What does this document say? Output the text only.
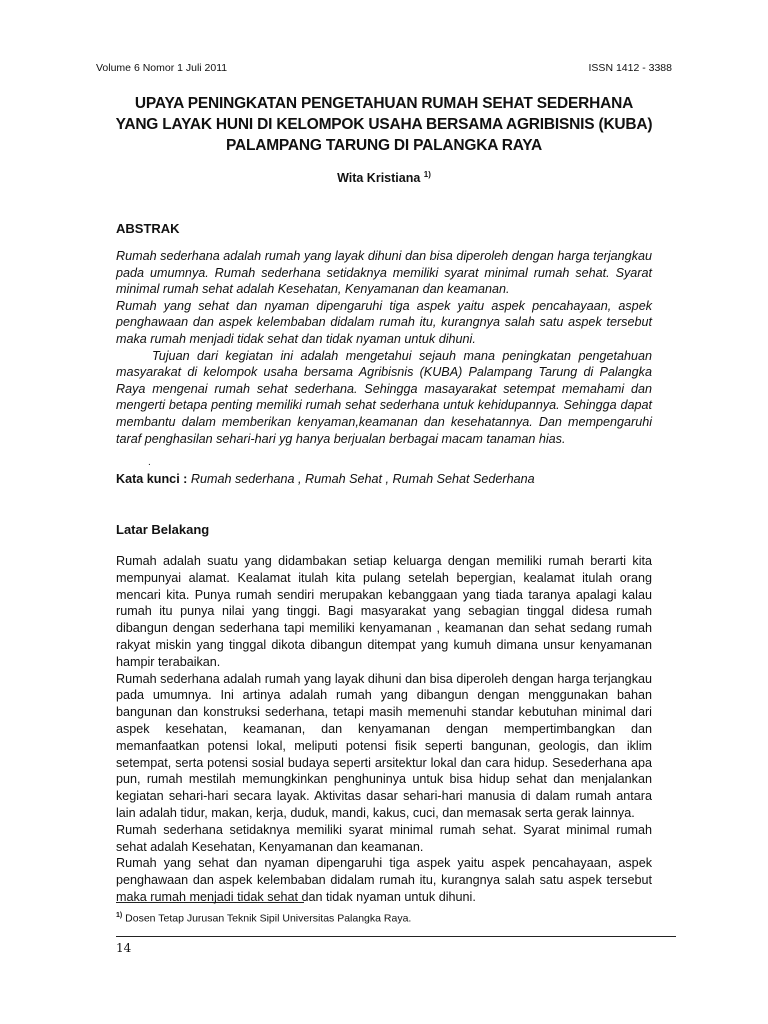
Volume 6 Nomor 1 Juli 2011	ISSN 1412 - 3388
UPAYA PENINGKATAN PENGETAHUAN RUMAH SEHAT SEDERHANA
YANG LAYAK HUNI DI KELOMPOK USAHA BERSAMA AGRIBISNIS (KUBA)
PALAMPANG TARUNG DI PALANGKA RAYA
Wita Kristiana $^{1)}$
ABSTRAK

Rumah sederhana adalah rumah yang layak dihuni dan bisa diperoleh dengan harga terjangkau pada umumnya. Rumah sederhana setidaknya memiliki syarat minimal rumah sehat. Syarat minimal rumah sehat adalah Kesehatan, Kenyamanan dan keamanan.

Rumah yang sehat dan nyaman dipengaruhi tiga aspek yaitu aspek pencahayaan, aspek penghawaan dan aspek kelembaban didalam rumah itu, kurangnya salah satu aspek tersebut maka rumah menjadi tidak sehat dan tidak nyaman untuk dihuni.

Tujuan dari kegiatan ini adalah mengetahui sejauh mana peningkatan pengetahuan masyarakat di kelompok usaha bersama Agribisnis (KUBA) Palampang Tarung di Palangka Raya mengenai rumah sehat sederhana. Sehingga masayarakat setempat memahami dan mengerti betapa penting memiliki rumah sehat sederhana untuk kehidupannya. Sehingga dapat membantu dalam memberikan kenyaman,keamanan dan kesehatannya. Dan mempengaruhi taraf penghasilan sehari-hari yg hanya berjualan berbagai macam tanaman hias.

.
Kata kunci : Rumah sederhana , Rumah Sehat , Rumah Sehat Sederhana
Latar Belakang

Rumah adalah suatu yang didambakan setiap keluarga dengan memiliki rumah berarti kita mempunyai alamat. Kealamat itulah kita pulang setelah bepergian, kealamat itulah orang mencari kita. Punya rumah sendiri merupakan kebanggaan yang tiada taranya apalagi kalau rumah itu punya nilai yang tinggi. Bagi masyarakat yang sebagian tinggal didesa rumah dibangun dengan sederhana tapi memiliki kenyamanan , keamanan dan sehat sedang rumah rakyat miskin yang tinggal dikota dibangun ditempat yang kumuh dimana unsur kenyamanan hampir terabaikan.

Rumah sederhana adalah rumah yang layak dihuni dan bisa diperoleh dengan harga terjangkau pada umumnya. Ini artinya adalah rumah yang dibangun dengan menggunakan bahan bangunan dan konstruksi sederhana, tetapi masih memenuhi standar kebutuhan minimal dari aspek kesehatan, keamanan, dan kenyamanan dengan mempertimbangkan dan memanfaatkan potensi lokal, meliputi potensi fisik seperti bangunan, geologis, dan iklim setempat, serta potensi sosial budaya seperti arsitektur lokal dan cara hidup. Sesederhana apa pun, rumah mestilah memungkinkan penghuninya untuk bisa hidup sehat dan menjalankan kegiatan sehari-hari secara layak. Aktivitas dasar sehari-hari manusia di dalam rumah antara lain adalah tidur, makan, kerja, duduk, mandi, kakus, cuci, dan memasak serta gerak lainnya.

Rumah sederhana setidaknya memiliki syarat minimal rumah sehat. Syarat minimal rumah sehat adalah Kesehatan, Kenyamanan dan keamanan.

Rumah yang sehat dan nyaman dipengaruhi tiga aspek yaitu aspek pencahayaan, aspek penghawaan dan aspek kelembaban didalam rumah itu, kurangnya salah satu aspek tersebut maka rumah menjadi tidak sehat dan tidak nyaman untuk dihuni.

$^{1)}$ Dosen Tetap Jurusan Teknik Sipil Universitas Palangka Raya.
14
